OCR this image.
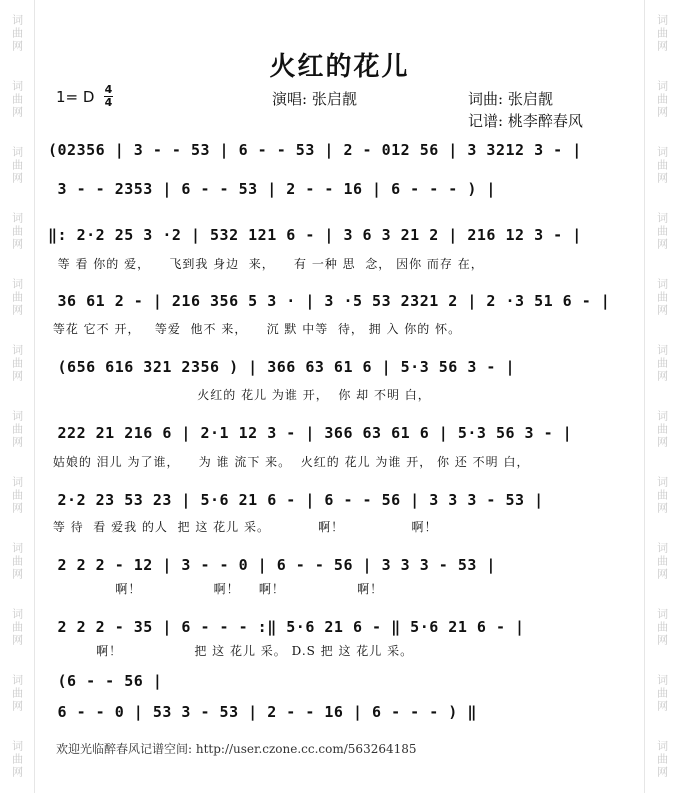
词曲网
词曲网
词曲网
词曲网
词曲网
词曲网
词曲网
词曲网
词曲网
词曲网
词曲网
词曲网
词曲网
词曲网
词曲网
词曲网
词曲网
词曲网
词曲网
词曲网
词曲网
词曲网
词曲网
词曲网
火红的花儿
1= D 4
4	演唱: 张启靓	词曲: 张启靓
记谱: 桃李醉春风
(02356 | 3 - - 53 | 6 - - 53 | 2 - 012 56 | 3 3212 3 - |
3 - - 2353 | 6 - - 53 | 2 - - 16 | 6 - - - ) |
‖: 2·2 25 3 ·2 | 532 121 6 - | 3 6 3 21 2 | 216 12 3 - |
等 看 你的 爱，    飞到我 身边  来，    有 一种 思  念， 因你 而存 在，
36 61 2 - | 216 356 5 3 · | 3 ·5 53 2321 2 | 2 ·3 51 6 - |
等花 它不 开，   等爱  他不 来，    沉 默 中等  待， 拥 入 你的 怀。
(656 616 321 2356 ) | 366 63 61 6 | 5·3 56 3 - |
火红的 花儿 为谁 开，  你 却 不明 白，
222 21 216 6 | 2·1 12 3 - | 366 63 61 6 | 5·3 56 3 - |
姑娘的 泪儿 为了谁，    为 谁 流下 来。  火红的 花儿 为谁 开， 你 还 不明 白，
2·2 23 53 23 | 5·6 21 6 - | 6 - - 56 | 3 3 3 - 53 |
等 待  看 爱我 的人  把 这 花儿 采。          啊！              啊！
2 2 2 - 12 | 3 - - 0 | 6 - - 56 | 3 3 3 - 53 |
啊！               啊！    啊！               啊！
2 2 2 - 35 | 6 - - - :‖ 5·6 21 6 - ‖ 5·6 21 6 - |
啊！               把 这 花儿 采。 D.S 把 这 花儿 采。
(6 - - 56 |
6 - - 0 | 53 3 - 53 | 2 - - 16 | 6 - - - ) ‖
欢迎光临醉春风记谱空间: http://user.czone.cc.com/563264185
